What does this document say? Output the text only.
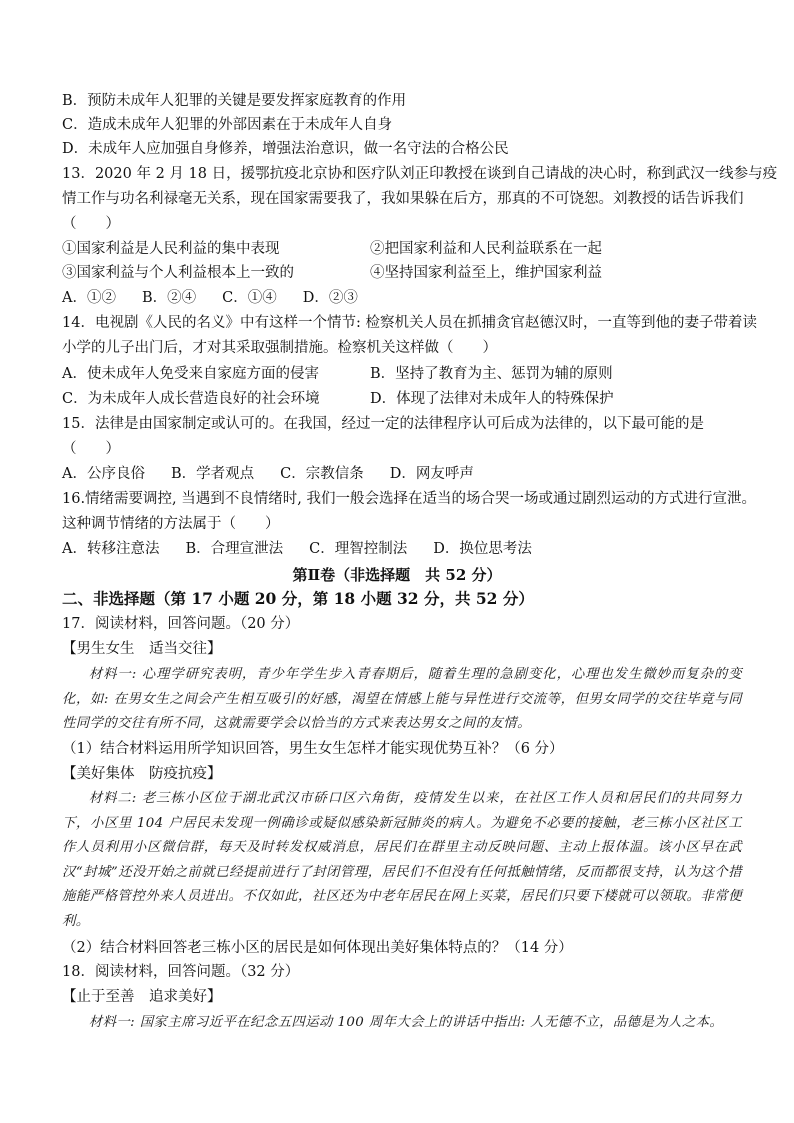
B．预防未成年人犯罪的关键是要发挥家庭教育的作用
C．造成未成年人犯罪的外部因素在于未成年人自身
D．未成年人应加强自身修养，增强法治意识，做一名守法的合格公民
13．2020 年 2 月 18 日，援鄂抗疫北京协和医疗队刘正印教授在谈到自己请战的决心时，称到武汉一线参与疫
情工作与功名利禄毫无关系，现在国家需要我了，我如果躲在后方，那真的不可饶恕。刘教授的话告诉我们
（　　）
①国家利益是人民利益的集中表现	②把国家利益和人民利益联系在一起
③国家利益与个人利益根本上一致的	④坚持国家利益至上，维护国家利益
A．①② B．②④ C．①④ D．②③
14．电视剧《人民的名义》中有这样一个情节: 检察机关人员在抓捕贪官赵德汉时，一直等到他的妻子带着读
小学的儿子出门后，才对其采取强制措施。检察机关这样做（　　）
A．使未成年人免受来自家庭方面的侵害	B．坚持了教育为主、惩罚为辅的原则
C．为未成年人成长营造良好的社会环境	D．体现了法律对未成年人的特殊保护
15．法律是由国家制定或认可的。在我国，经过一定的法律程序认可后成为法律的，以下最可能的是
（　　）
A．公序良俗 B．学者观点 C．宗教信条 D．网友呼声
16.情绪需要调控, 当遇到不良情绪时, 我们一般会选择在适当的场合哭一场或通过剧烈运动的方式进行宣泄。
这种调节情绪的方法属于（　　）
A．转移注意法 B．合理宣泄法 C．理智控制法 D．换位思考法
第Ⅱ卷（非选择题　共 52 分）
二、非选择题（第 17 小题 20 分，第 18 小题 32 分，共 52 分）
17．阅读材料，回答问题。（20 分）
【男生女生　适当交往】
材料一: 心理学研究表明，青少年学生步入青春期后，随着生理的急剧变化，心理也发生微妙而复杂的变化，如: 在男女生之间会产生相互吸引的好感，渴望在情感上能与异性进行交流等，但男女同学的交往毕竟与同性同学的交往有所不同，这就需要学会以恰当的方式来表达男女之间的友情。
（1）结合材料运用所学知识回答，男生女生怎样才能实现优势互补？（6 分）
【美好集体　防疫抗疫】
材料二: 老三栋小区位于湖北武汉市硚口区六角街，疫情发生以来，在社区工作人员和居民们的共同努力下，小区里 104 户居民未发现一例确诊或疑似感染新冠肺炎的病人。为避免不必要的接触，老三栋小区社区工作人员利用小区微信群，每天及时转发权威消息，居民们在群里主动反映问题、主动上报体温。该小区早在武汉“封城”还没开始之前就已经提前进行了封闭管理，居民们不但没有任何抵触情绪，反而都很支持，认为这个措施能严格管控外来人员进出。不仅如此，社区还为中老年居民在网上买菜，居民们只要下楼就可以领取。非常便利。
（2）结合材料回答老三栋小区的居民是如何体现出美好集体特点的？（14 分）
18．阅读材料，回答问题。（32 分）
【止于至善　追求美好】
材料一: 国家主席习近平在纪念五四运动 100 周年大会上的讲话中指出: 人无德不立，品德是为人之本。
